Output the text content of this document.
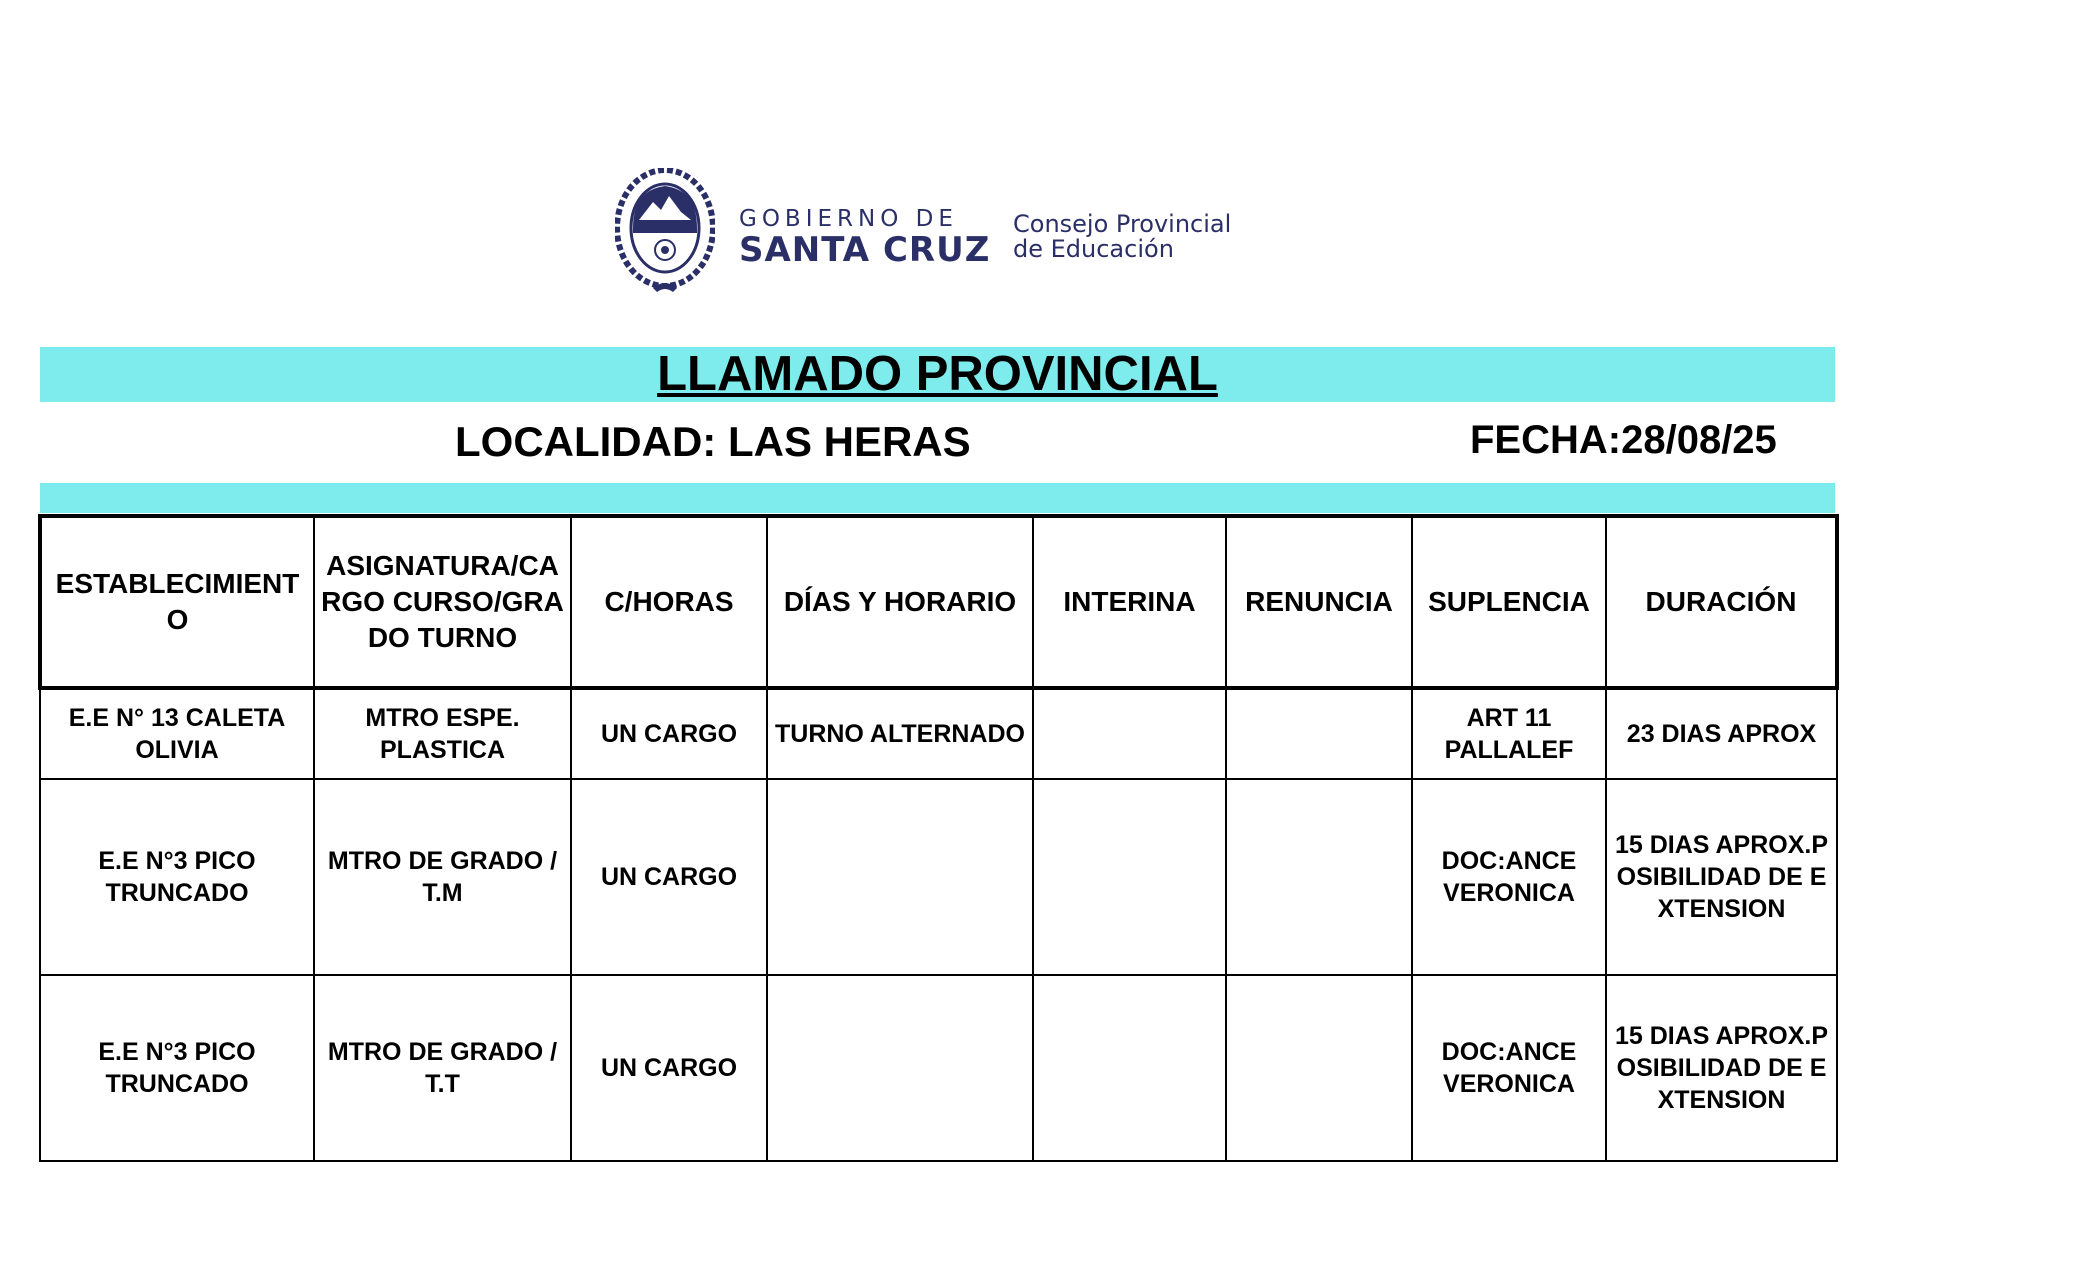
GOBIERNO DE
SANTA CRUZ
Consejo Provincial
de Educación
LLAMADO PROVINCIAL
LOCALIDAD: LAS HERAS	FECHA:28/08/25
ESTABLECIMIENTO	ASIGNATURA/CARGO CURSO/GRADO TURNO	C/HORAS	DÍAS Y HORARIO	INTERINA	RENUNCIA	SUPLENCIA	DURACIÓN
E.E N° 13 CALETA OLIVIA	MTRO ESPE. PLASTICA	UN CARGO	TURNO ALTERNADO			ART 11 PALLALEF	23 DIAS APROX
E.E N°3 PICO TRUNCADO	MTRO DE GRADO / T.M	UN CARGO				DOC:ANCE VERONICA	15 DIAS APROX.POSIBILIDAD DE EXTENSION
E.E N°3 PICO TRUNCADO	MTRO DE GRADO / T.T	UN CARGO				DOC:ANCE VERONICA	15 DIAS APROX.POSIBILIDAD DE EXTENSION
